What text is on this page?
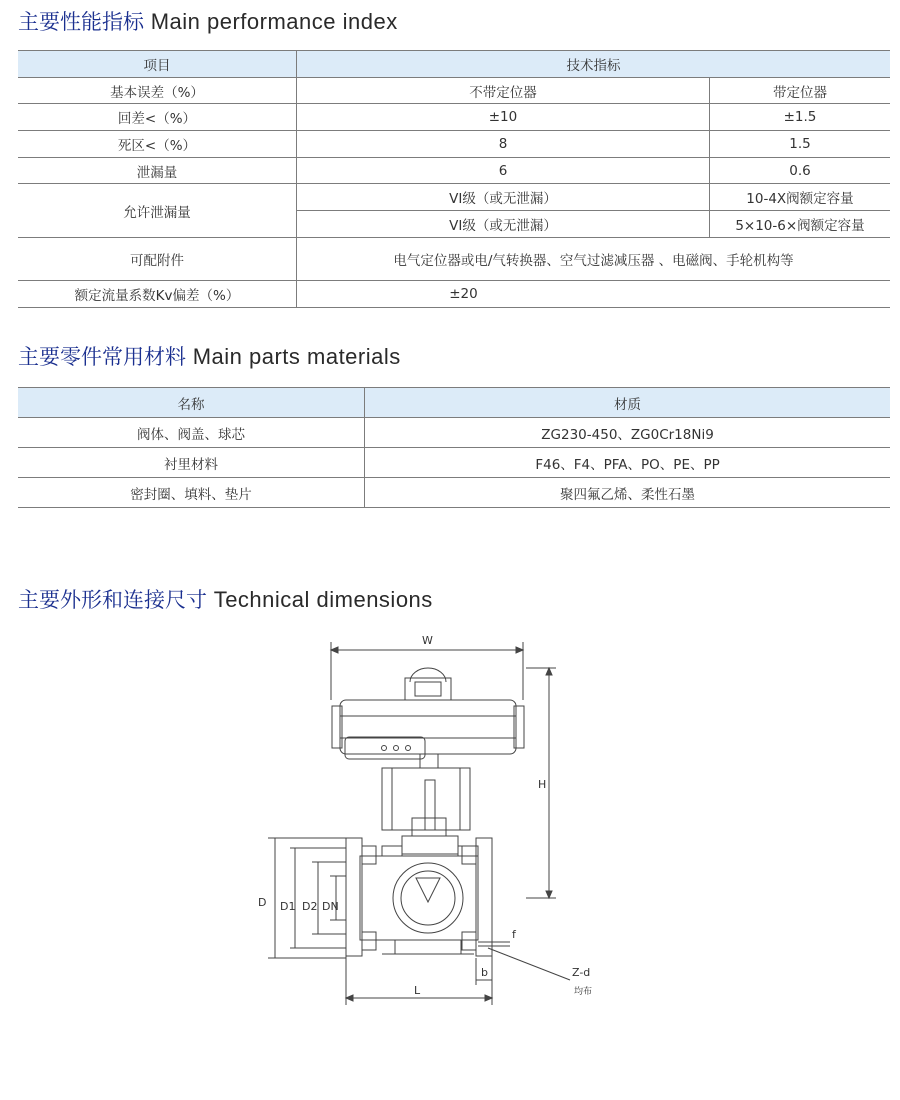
主要性能指标 Main performance index
项目	技术指标	
基本误差（%）	不带定位器	带定位器
回差<（%）	±10	±1.5
死区<（%）	8	1.5
泄漏量	6	0.6
允许泄漏量	VI级（或无泄漏）	10-4X阀额定容量
	VI级（或无泄漏）	5×10-6×阀额定容量
可配附件	电气定位器或电/气转换器、空气过滤减压器 、电磁阀、手轮机构等	
额定流量系数Kv偏差（%）	±20	
主要零件常用材料 Main parts materials
名称	材质
阀体、阀盖、球芯	ZG230-450、ZG0Cr18Ni9
衬里材料	F46、F4、PFA、PO、PE、PP
密封圈、填料、垫片	聚四氟乙烯、柔性石墨
主要外形和连接尺寸 Technical dimensions
W
H
D D1 D2 DN
L
b
f
Z-d
均布
